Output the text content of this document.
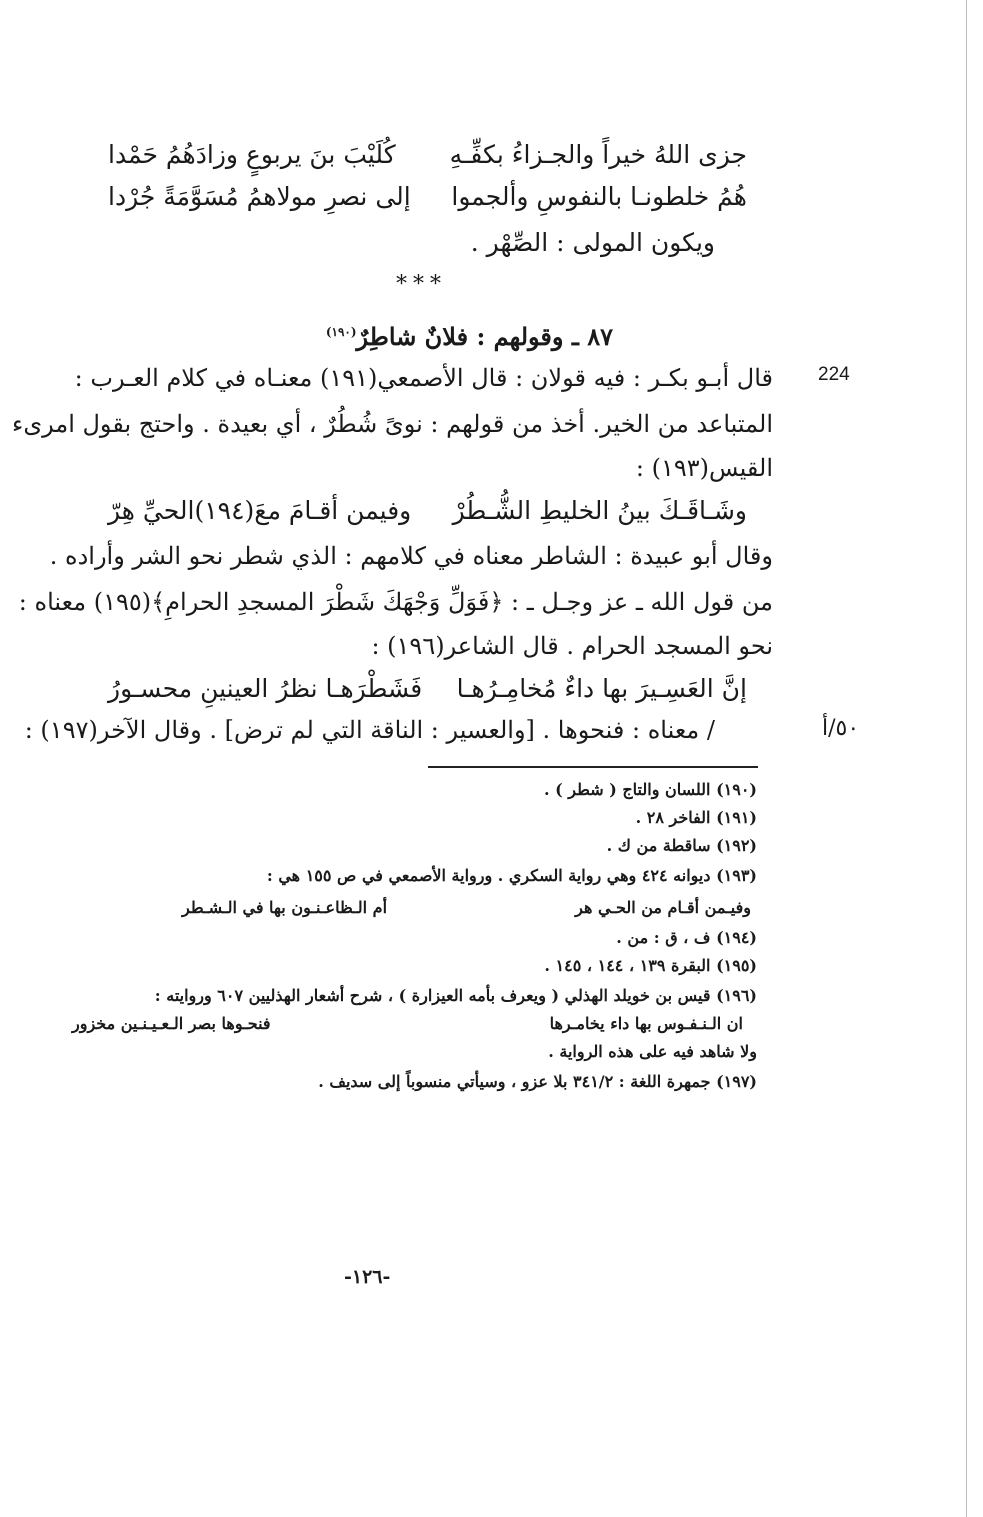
جزى اللهُ خيراً والجـزاءُ بكفِّـهِ
كُلَيْبَ بنَ يربوعٍ وزادَهُمُ حَمْدا
هُمُ خلطونـا بالنفوسِ وألجموا
إلى نصرِ مولاهمُ مُسَوَّمَةً جُرْدا
ويكون المولى : الصِّهْر .
***
٨٧ ـ وقولهم : فلانٌ شاطِرٌ$^{(١٩٠)}$
224
قال أبـو بكـر : فيه قولان : قال الأصمعي(١٩١) معنـاه في كلام العـرب :
المتباعد من الخير. أخذ من قولهم : نوىً شُطُرٌ ، أي بعيدة . واحتج بقول امرىء
القيس(١٩٣) :
وشَـاقَـكَ بينُ الخليطِ الشُّـطُرْ
وفيمن أقـامَ معَ(١٩٤)الحيِّ هِرّ
وقال أبو عبيدة : الشاطر معناه في كلامهم : الذي شطر نحو الشر وأراده .
من قول الله ـ عز وجـل ـ : ﴿فَوَلِّ وَجْهَكَ شَطْرَ المسجدِ الحرامِ﴾(١٩٥) معناه :
نحو المسجد الحرام . قال الشاعر(١٩٦) :
إنَّ العَسِـيرَ بها داءٌ مُخامِـرُهـا
فَشَطْرَهـا نظرُ العينينِ محسـورُ
/ معناه : فنحوها . [والعسير : الناقة التي لم ترض] . وقال الآخر(١٩٧) :	٥٠/أ
(١٩٠) اللسان والتاج ( شطر ) .
(١٩١) الفاخر ٢٨ .
(١٩٢) ساقطة من ك .
(١٩٣) ديوانه ٤٢٤ وهي رواية السكري . ورواية الأصمعي في ص ١٥٥ هي :
وفيـمن أقـام من الحـي هر
أم الـظاعـنـون بها في الـشـطر
(١٩٤) ف ، ق : من .
(١٩٥) البقرة ١٣٩ ، ١٤٤ ، ١٤٥ .
(١٩٦) قيس بن خويلد الهذلي ( ويعرف بأمه العيزارة ) ، شرح أشعار الهذليين ٦٠٧ وروايته :
ان الـنـفـوس بها داء يخامـرها
فنحـوها بصر الـعـيـنـين مخزور
ولا شاهد فيه على هذه الرواية .
(١٩٧) جمهرة اللغة : ٣٤١/٢ بلا عزو ، وسيأتي منسوباً إلى سديف .
-١٢٦-
